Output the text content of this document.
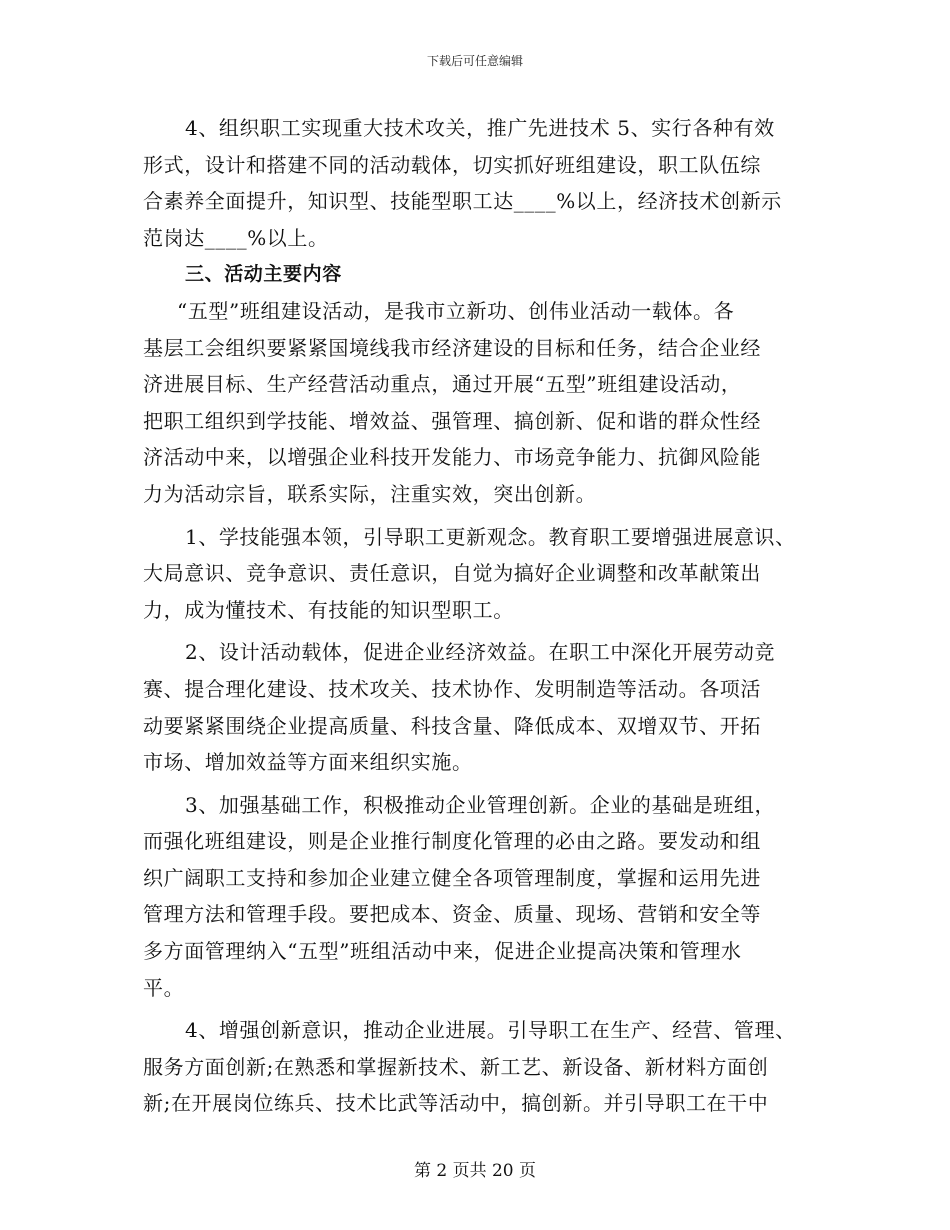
下载后可任意编辑
4、组织职工实现重大技术攻关，推广先进技术 5、实行各种有效
形式，设计和搭建不同的活动载体，切实抓好班组建设，职工队伍综
合素养全面提升，知识型、技能型职工达____%以上，经济技术创新示
范岗达____%以上。
三、活动主要内容
“五型”班组建设活动，是我市立新功、创伟业活动一载体。各
基层工会组织要紧紧国境线我市经济建设的目标和任务，结合企业经
济进展目标、生产经营活动重点，通过开展“五型”班组建设活动，
把职工组织到学技能、增效益、强管理、搞创新、促和谐的群众性经
济活动中来，以增强企业科技开发能力、市场竞争能力、抗御风险能
力为活动宗旨，联系实际，注重实效，突出创新。
1、学技能强本领，引导职工更新观念。教育职工要增强进展意识、
大局意识、竞争意识、责任意识，自觉为搞好企业调整和改革献策出
力，成为懂技术、有技能的知识型职工。
2、设计活动载体，促进企业经济效益。在职工中深化开展劳动竞
赛、提合理化建设、技术攻关、技术协作、发明制造等活动。各项活
动要紧紧围绕企业提高质量、科技含量、降低成本、双增双节、开拓
市场、增加效益等方面来组织实施。
3、加强基础工作，积极推动企业管理创新。企业的基础是班组，
而强化班组建设，则是企业推行制度化管理的必由之路。要发动和组
织广阔职工支持和参加企业建立健全各项管理制度，掌握和运用先进
管理方法和管理手段。要把成本、资金、质量、现场、营销和安全等
多方面管理纳入“五型”班组活动中来，促进企业提高决策和管理水
平。
4、增强创新意识，推动企业进展。引导职工在生产、经营、管理、
服务方面创新;在熟悉和掌握新技术、新工艺、新设备、新材料方面创
新;在开展岗位练兵、技术比武等活动中，搞创新。并引导职工在干中
第 2 页共 20 页
